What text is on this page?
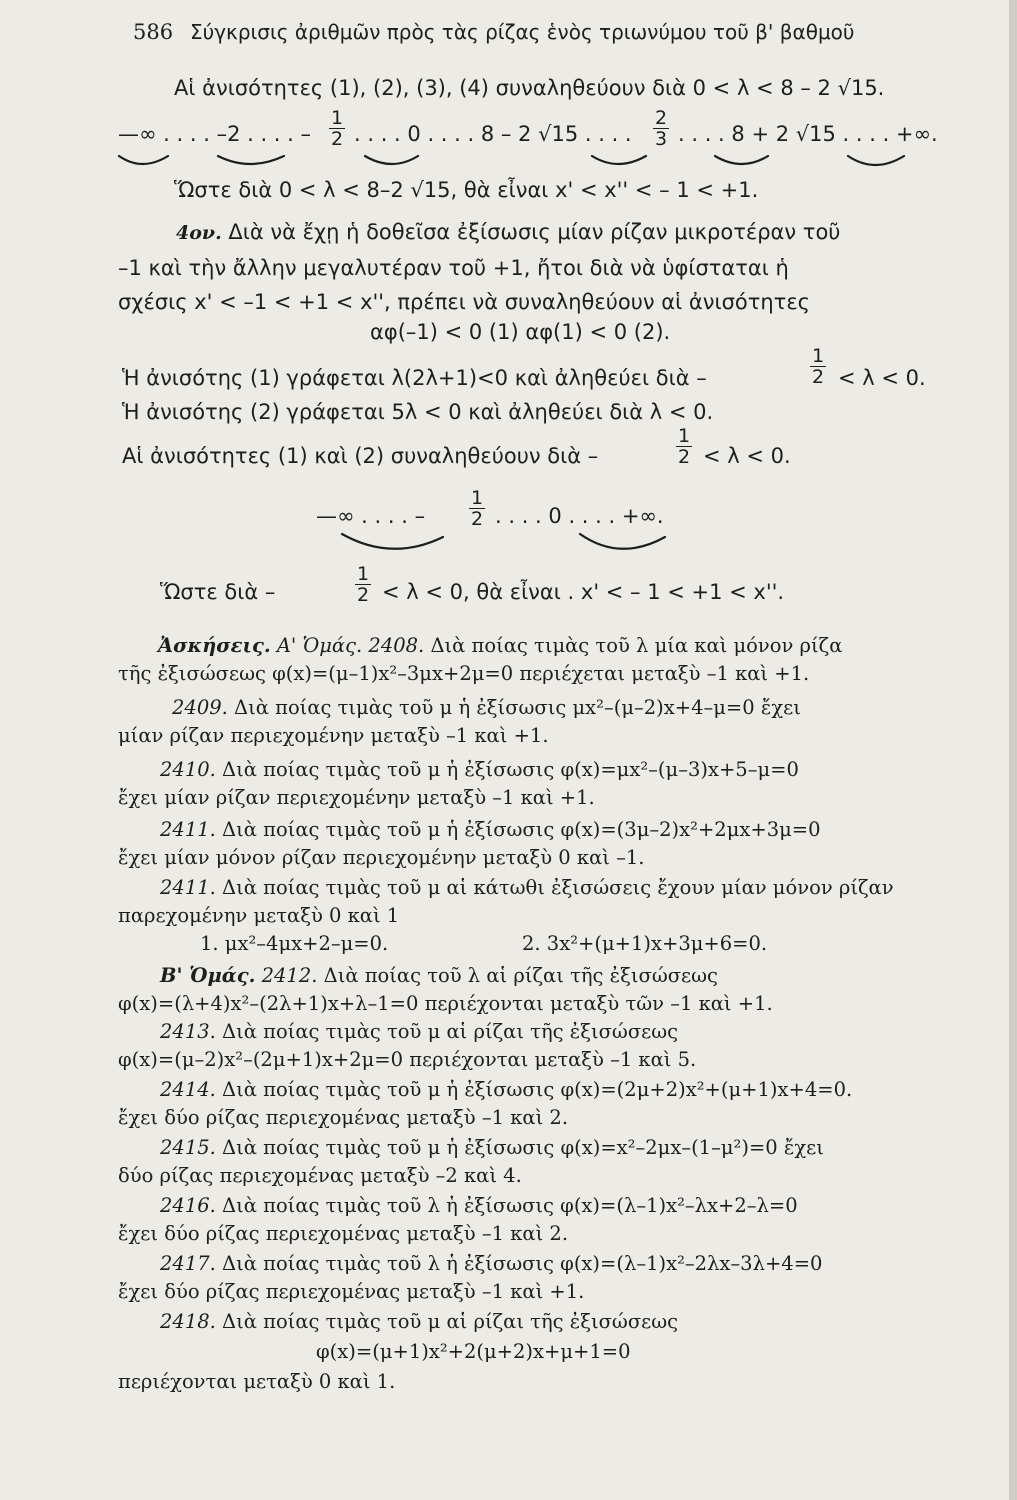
586 Σύγκρισις ἀριθμῶν πρὸς τὰς ρίζας ἑνὸς τριωνύμου τοῦ β' βαθμοῦ
Αἱ ἀνισότητες (1), (2), (3), (4) συναληθεύουν διὰ 0 < λ < 8 – 2 √15.
—∞ . . . . –2 . . . . – $\frac{1}{2}$ . . . . 0 . . . . 8 – 2 √15 . . . . $\frac{2}{3}$ . . . . 8 + 2 √15 . . . . +∞.
Ὥστε διὰ 0 < λ < 8–2 √15, θὰ εἶναι x' < x'' < – 1 < +1.
4ον. Διὰ νὰ ἔχῃ ἡ δοθεῖσα ἐξίσωσις μίαν ρίζαν μικροτέραν τοῦ
–1 καὶ τὴν ἄλλην μεγαλυτέραν τοῦ +1, ἤτοι διὰ νὰ ὑφίσταται ἡ
σχέσις x' < –1 < +1 < x'', πρέπει νὰ συναληθεύουν αἱ ἀνισότητες
αφ(–1) < 0 (1) αφ(1) < 0 (2).
Ἡ ἀνισότης (1) γράφεται λ(2λ+1)<0 καὶ ἀληθεύει διὰ –	$\frac{1}{2} < \lambda < 0$.
Ἡ ἀνισότης (2) γράφεται 5λ < 0 καὶ ἀληθεύει διὰ λ < 0.
Αἱ ἀνισότητες (1) καὶ (2) συναληθεύουν διὰ –	$\frac{1}{2} < \lambda < 0$.
—∞ . . . . – $\frac{1}{2}$ . . . . 0 . . . . +∞.
Ὥστε διὰ –	$\frac{1}{2} < \lambda < 0$, θὰ εἶναι . x' < – 1 < +1 < x''.
Ἀσκήσεις. Α' Ὁμάς. 2408. Διὰ ποίας τιμὰς τοῦ λ μία καὶ μόνον ρίζα
τῆς ἐξισώσεως φ(x)=(μ–1)x²–3μx+2μ=0 περιέχεται μεταξὺ –1 καὶ +1.
2409. Διὰ ποίας τιμὰς τοῦ μ ἡ ἐξίσωσις μx²–(μ–2)x+4–μ=0 ἔχει
μίαν ρίζαν περιεχομένην μεταξὺ –1 καὶ +1.
2410. Διὰ ποίας τιμὰς τοῦ μ ἡ ἐξίσωσις φ(x)=μx²–(μ–3)x+5–μ=0
ἔχει μίαν ρίζαν περιεχομένην μεταξὺ –1 καὶ +1.
2411. Διὰ ποίας τιμὰς τοῦ μ ἡ ἐξίσωσις φ(x)=(3μ–2)x²+2μx+3μ=0
ἔχει μίαν μόνον ρίζαν περιεχομένην μεταξὺ 0 καὶ –1.
2411. Διὰ ποίας τιμὰς τοῦ μ αἱ κάτωθι ἐξισώσεις ἔχουν μίαν μόνον ρίζαν
παρεχομένην μεταξὺ 0 καὶ 1
1. μx²–4μx+2–μ=0.	2. 3x²+(μ+1)x+3μ+6=0.
Β' Ὁμάς. 2412. Διὰ ποίας τοῦ λ αἱ ρίζαι τῆς ἐξισώσεως
φ(x)=(λ+4)x²–(2λ+1)x+λ–1=0 περιέχονται μεταξὺ τῶν –1 καὶ +1.
2413. Διὰ ποίας τιμὰς τοῦ μ αἱ ρίζαι τῆς ἐξισώσεως
φ(x)=(μ–2)x²–(2μ+1)x+2μ=0 περιέχονται μεταξὺ –1 καὶ 5.
2414. Διὰ ποίας τιμὰς τοῦ μ ἡ ἐξίσωσις φ(x)=(2μ+2)x²+(μ+1)x+4=0.
ἔχει δύο ρίζας περιεχομένας μεταξὺ –1 καὶ 2.
2415. Διὰ ποίας τιμὰς τοῦ μ ἡ ἐξίσωσις φ(x)=x²–2μx–(1–μ²)=0 ἔχει
δύο ρίζας περιεχομένας μεταξὺ –2 καὶ 4.
2416. Διὰ ποίας τιμὰς τοῦ λ ἡ ἐξίσωσις φ(x)=(λ–1)x²–λx+2–λ=0
ἔχει δύο ρίζας περιεχομένας μεταξὺ –1 καὶ 2.
2417. Διὰ ποίας τιμὰς τοῦ λ ἡ ἐξίσωσις φ(x)=(λ–1)x²–2λx–3λ+4=0
ἔχει δύο ρίζας περιεχομένας μεταξὺ –1 καὶ +1.
2418. Διὰ ποίας τιμὰς τοῦ μ αἱ ρίζαι τῆς ἐξισώσεως
φ(x)=(μ+1)x²+2(μ+2)x+μ+1=0
περιέχονται μεταξὺ 0 καὶ 1.
